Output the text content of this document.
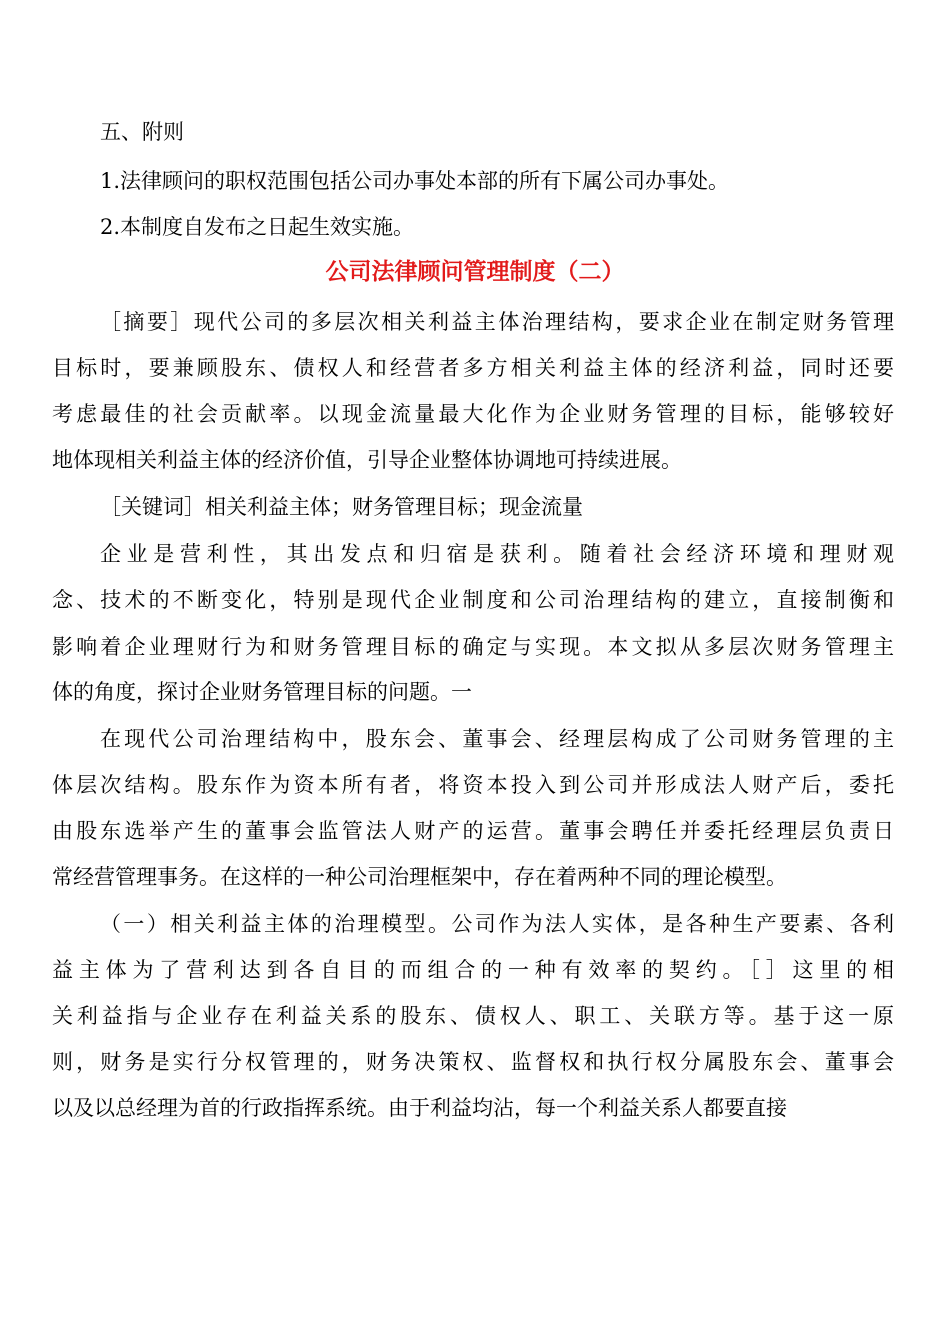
五、附则

1.法律顾问的职权范围包括公司办事处本部的所有下属公司办事处。

2.本制度自发布之日起生效实施。

公司法律顾问管理制度（二）

［摘要］现代公司的多层次相关利益主体治理结构，要求企业在制定财务管理

目标时，要兼顾股东、债权人和经营者多方相关利益主体的经济利益，同时还要

考虑最佳的社会贡献率。以现金流量最大化作为企业财务管理的目标，能够较好

地体现相关利益主体的经济价值，引导企业整体协调地可持续进展。

［关键词］相关利益主体；财务管理目标；现金流量

企业是营利性，其出发点和归宿是获利。随着社会经济环境和理财观

念、技术的不断变化，特别是现代企业制度和公司治理结构的建立，直接制衡和

影响着企业理财行为和财务管理目标的确定与实现。本文拟从多层次财务管理主

体的角度，探讨企业财务管理目标的问题。一

在现代公司治理结构中，股东会、董事会、经理层构成了公司财务管理的主

体层次结构。股东作为资本所有者，将资本投入到公司并形成法人财产后，委托

由股东选举产生的董事会监管法人财产的运营。董事会聘任并委托经理层负责日

常经营管理事务。在这样的一种公司治理框架中，存在着两种不同的理论模型。

（一）相关利益主体的治理模型。公司作为法人实体，是各种生产要素、各利

益主体为了营利达到各自目的而组合的一种有效率的契约。［］这里的相

关利益指与企业存在利益关系的股东、债权人、职工、关联方等。基于这一原

则，财务是实行分权管理的，财务决策权、监督权和执行权分属股东会、董事会

以及以总经理为首的行政指挥系统。由于利益均沾，每一个利益关系人都要直接
